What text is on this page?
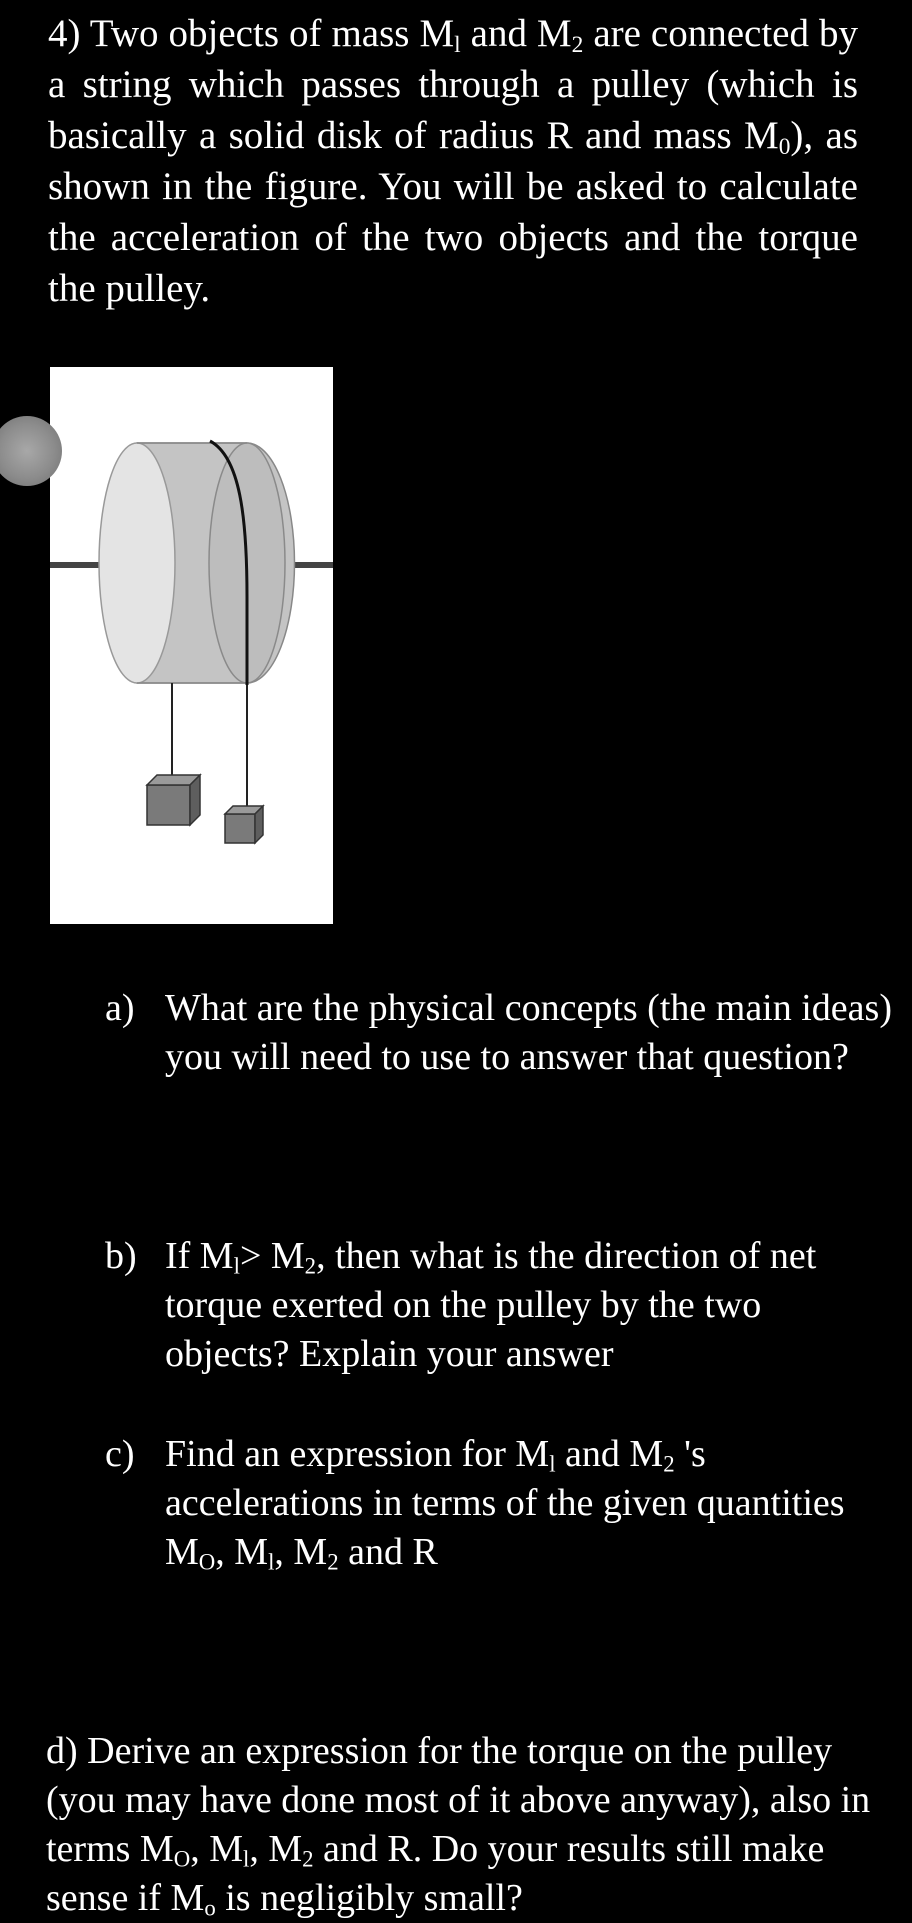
4) Two objects of mass $M_l$ and $M_2$ are connected by a string which passes through a pulley (which is basically a solid disk of radius R and mass $M_0$), as shown in the figure. You will be asked to calculate the acceleration of the two objects and the torque the pulley.

a) What are the physical concepts (the main ideas) you will need to use to answer that question?
b) If $M_l> M_2$, then what is the direction of net torque exerted on the pulley by the two objects? Explain your answer
c) Find an expression for $M_l$ and $M_2$ 's accelerations in terms of the given quantities $M_O$, $M_l$, $M_2$ and R

d) Derive an expression for the torque on the pulley (you may have done most of it above anyway), also in terms $M_O$, $M_l$, $M_2$ and R. Do your results still make sense if $M_o$ is negligibly small?
